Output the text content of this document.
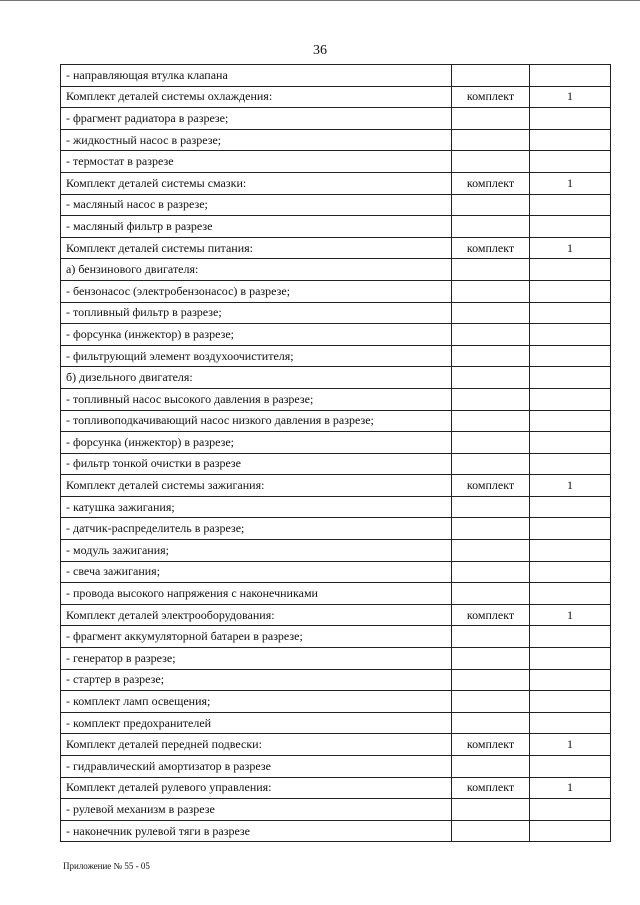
36
- направляющая втулка клапана		
Комплект деталей системы охлаждения:	комплект	1
- фрагмент радиатора в разрезе;		
- жидкостный насос в разрезе;		
- термостат в разрезе		
Комплект деталей системы смазки:	комплект	1
- масляный насос в разрезе;		
- масляный фильтр в разрезе		
Комплект деталей системы питания:	комплект	1
а) бензинового двигателя:		
- бензонасос (электробензонасос) в разрезе;		
- топливный фильтр в разрезе;		
- форсунка (инжектор) в разрезе;		
- фильтрующий элемент воздухоочистителя;		
б) дизельного двигателя:		
- топливный насос высокого давления в разрезе;		
- топливоподкачивающий насос низкого давления в разрезе;		
- форсунка (инжектор) в разрезе;		
- фильтр тонкой очистки в разрезе		
Комплект деталей системы зажигания:	комплект	1
- катушка зажигания;		
- датчик-распределитель в разрезе;		
- модуль зажигания;		
- свеча зажигания;		
- провода высокого напряжения с наконечниками		
Комплект деталей электрооборудования:	комплект	1
- фрагмент аккумуляторной батареи в разрезе;		
- генератор в разрезе;		
- стартер в разрезе;		
- комплект ламп освещения;		
- комплект предохранителей		
Комплект деталей передней подвески:	комплект	1
- гидравлический амортизатор в разрезе		
Комплект деталей рулевого управления:	комплект	1
- рулевой механизм в разрезе		
- наконечник рулевой тяги в разрезе		
Приложение № 55 - 05
